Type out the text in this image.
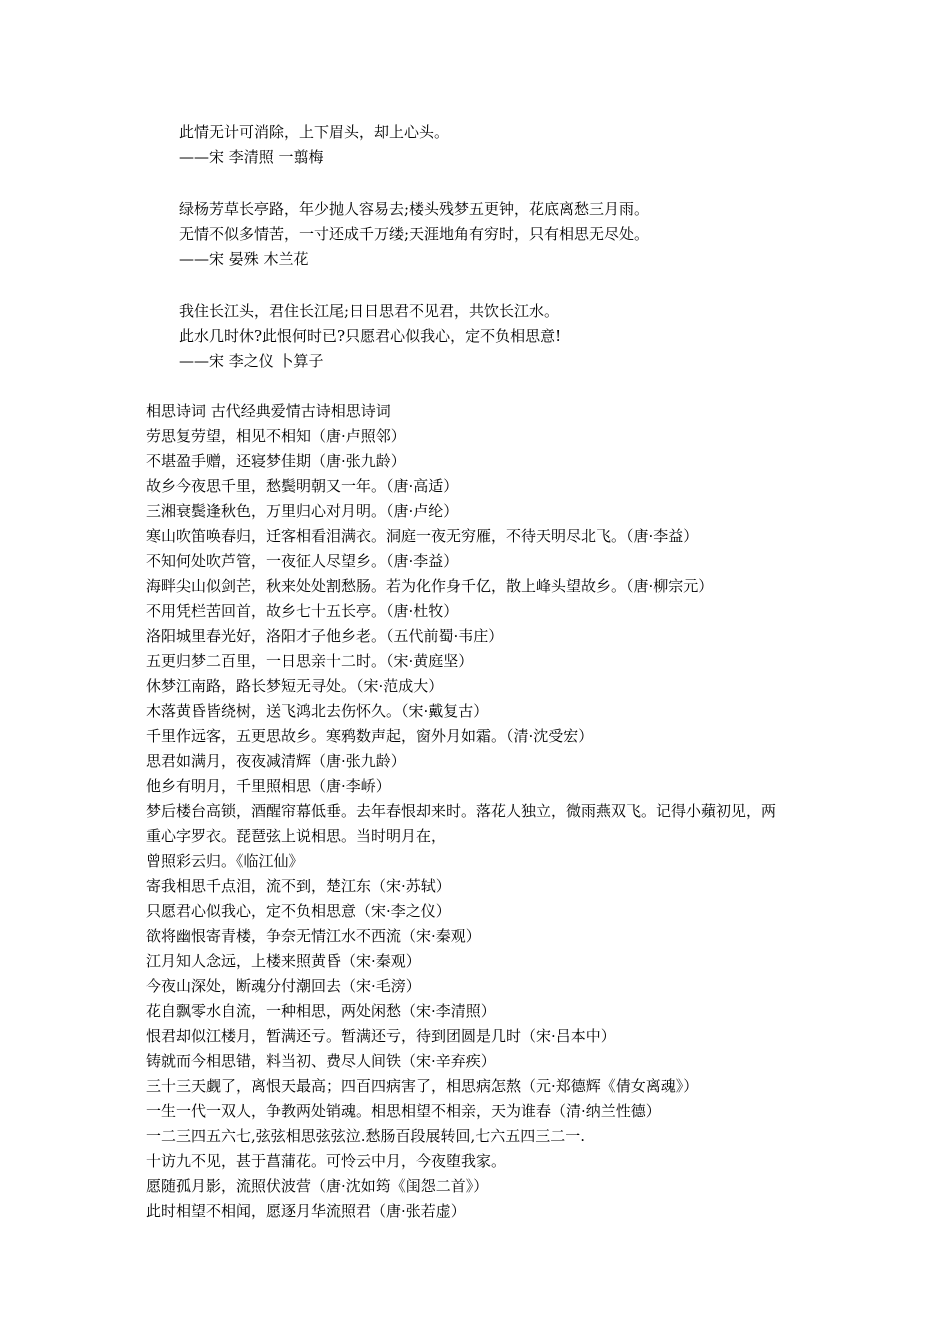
此情无计可消除，上下眉头，却上心头。
——宋 李清照 一翦梅
绿杨芳草长亭路，年少抛人容易去;楼头残梦五更钟，花底离愁三月雨。
无情不似多情苦，一寸还成千万缕;天涯地角有穷时，只有相思无尽处。
——宋 晏殊 木兰花
我住长江头，君住长江尾;日日思君不见君，共饮长江水。
此水几时休?此恨何时已?只愿君心似我心，定不负相思意!
——宋 李之仪 卜算子
相思诗词 古代经典爱情古诗相思诗词
劳思复劳望，相见不相知（唐·卢照邻）
不堪盈手赠，还寝梦佳期（唐·张九龄）
故乡今夜思千里，愁鬓明朝又一年。（唐·高适）
三湘衰鬓逢秋色，万里归心对月明。（唐·卢纶）
寒山吹笛唤春归，迁客相看泪满衣。洞庭一夜无穷雁，不待天明尽北飞。（唐·李益）
不知何处吹芦管，一夜征人尽望乡。（唐·李益）
海畔尖山似剑芒，秋来处处割愁肠。若为化作身千亿，散上峰头望故乡。（唐·柳宗元）
不用凭栏苦回首，故乡七十五长亭。（唐·杜牧）
洛阳城里春光好，洛阳才子他乡老。（五代前蜀·韦庄）
五更归梦二百里，一日思亲十二时。（宋·黄庭坚）
休梦江南路，路长梦短无寻处。（宋·范成大）
木落黄昏皆绕树，送飞鸿北去伤怀久。（宋·戴复古）
千里作远客，五更思故乡。寒鸦数声起，窗外月如霜。（清·沈受宏）
思君如满月，夜夜减清辉（唐·张九龄）
他乡有明月，千里照相思（唐·李峤）
梦后楼台高锁，酒醒帘幕低垂。去年春恨却来时。落花人独立，微雨燕双飞。记得小蘋初见，两
重心字罗衣。琵琶弦上说相思。当时明月在，
曾照彩云归。《临江仙》
寄我相思千点泪，流不到，楚江东（宋·苏轼）
只愿君心似我心，定不负相思意（宋·李之仪）
欲将幽恨寄青楼，争奈无情江水不西流（宋·秦观）
江月知人念远，上楼来照黄昏（宋·秦观）
今夜山深处，断魂分付潮回去（宋·毛滂）
花自飘零水自流，一种相思，两处闲愁（宋·李清照）
恨君却似江楼月，暂满还亏。暂满还亏，待到团圆是几时（宋·吕本中）
铸就而今相思错，料当初、费尽人间铁（宋·辛弃疾）
三十三天觑了，离恨天最高；四百四病害了，相思病怎熬（元·郑德辉《倩女离魂》）
一生一代一双人，争教两处销魂。相思相望不相亲，天为谁春（清·纳兰性德）
一二三四五六七,弦弦相思弦弦泣.愁肠百段展转回,七六五四三二一.
十访九不见，甚于菖蒲花。可怜云中月，今夜堕我家。
愿随孤月影，流照伏波营（唐·沈如筠《闺怨二首》）
此时相望不相闻，愿逐月华流照君（唐·张若虚）
